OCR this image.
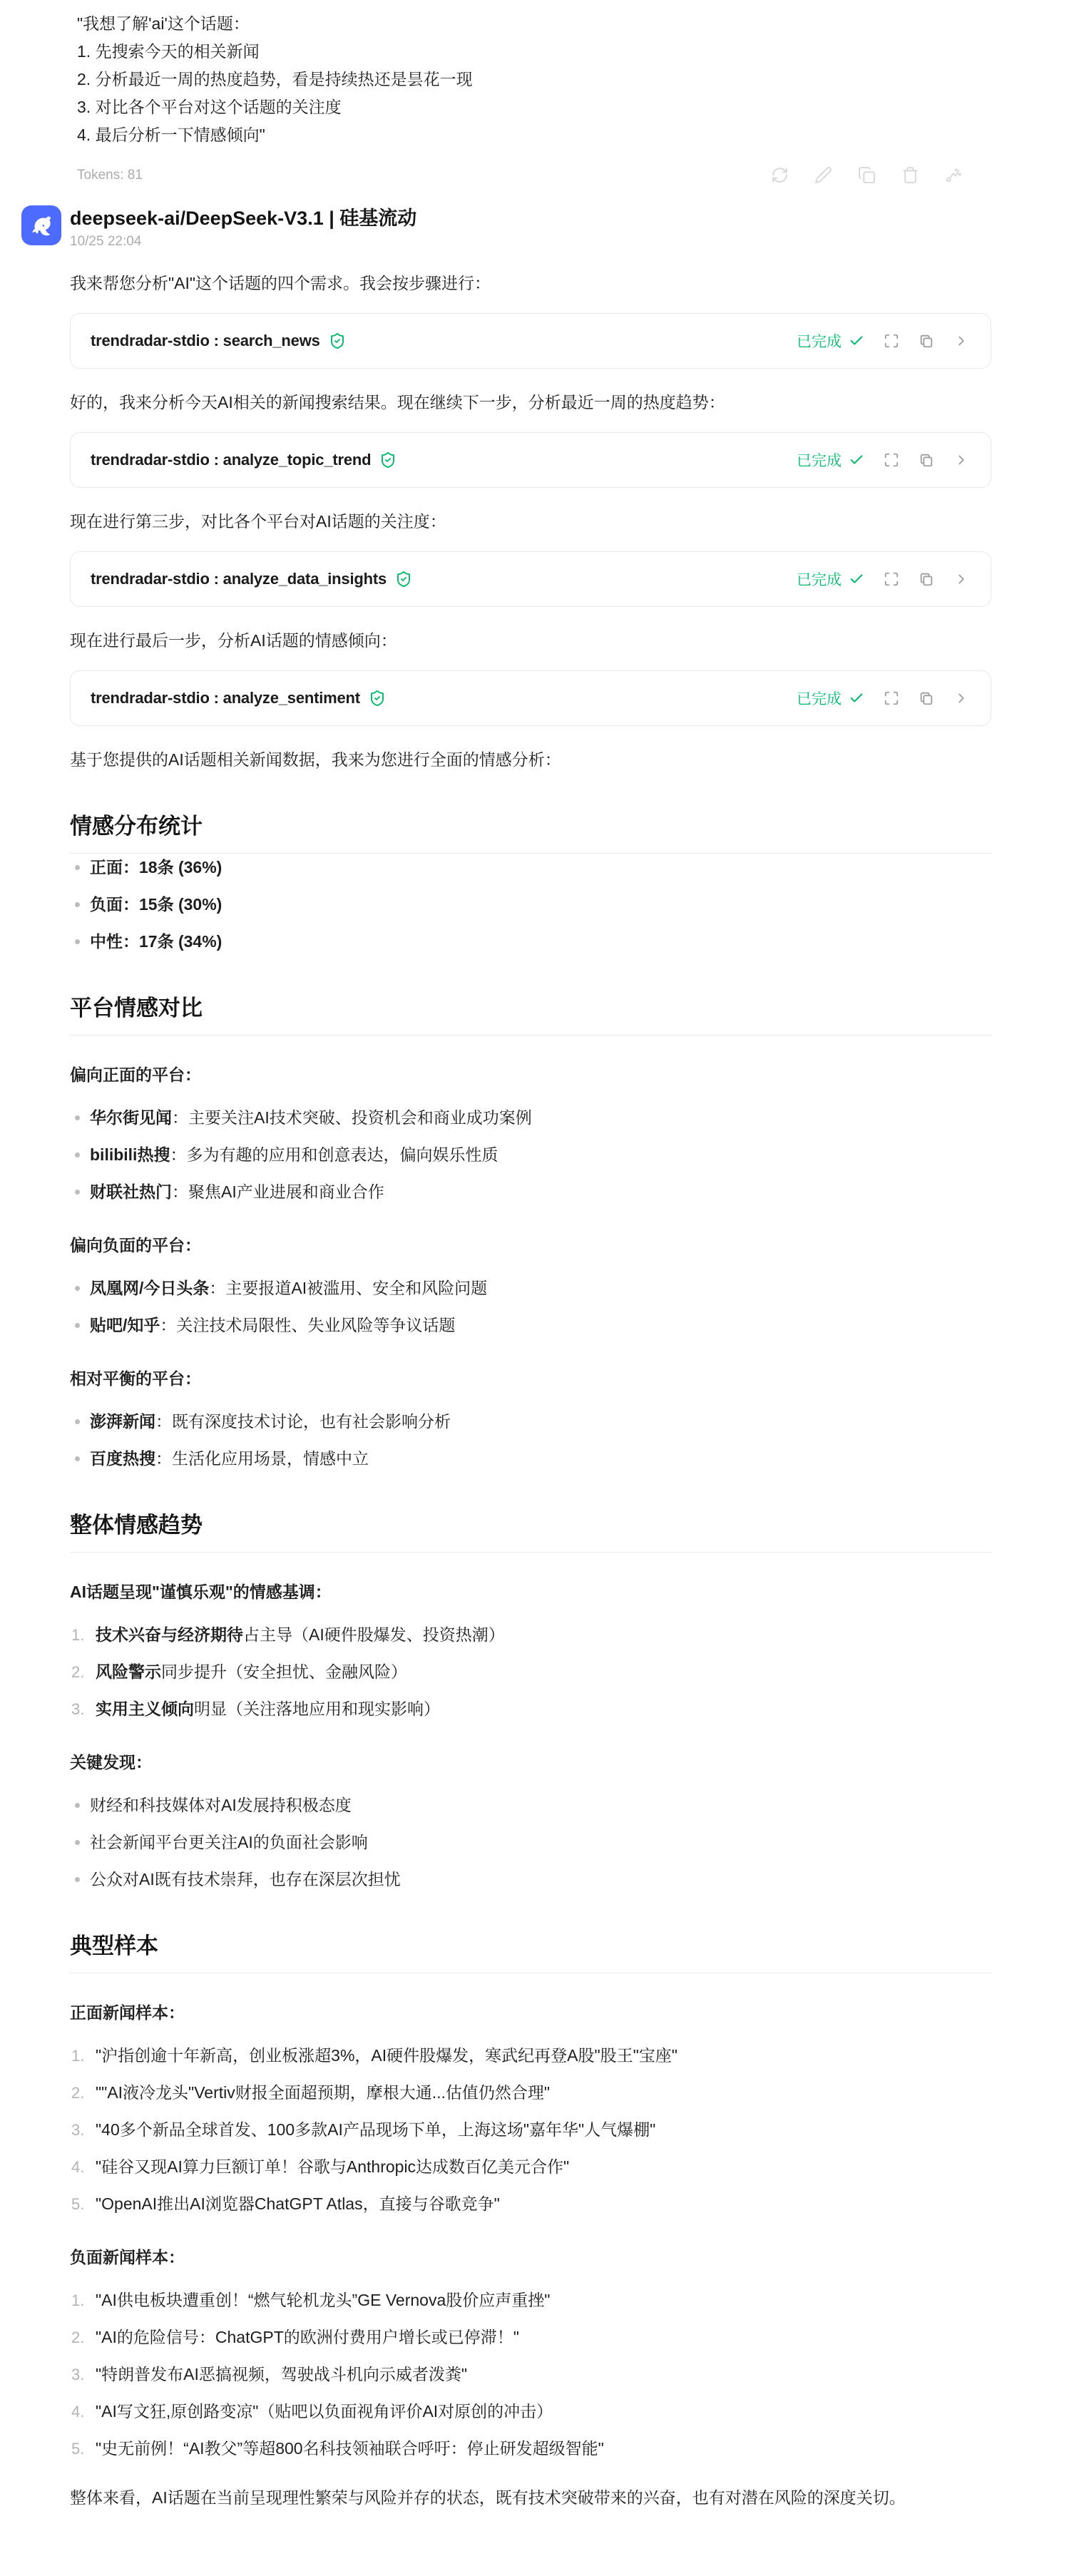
"我想了解'ai'这个话题：
1. 先搜索今天的相关新闻
2. 分析最近一周的热度趋势，看是持续热还是昙花一现
3. 对比各个平台对这个话题的关注度
4. 最后分析一下情感倾向"
Tokens: 81
deepseek-ai/DeepSeek-V3.1 | 硅基流动
10/25 22:04

我来帮您分析"AI"这个话题的四个需求。我会按步骤进行：

trendradar-stdio : search_news	已完成

好的，我来分析今天AI相关的新闻搜索结果。现在继续下一步，分析最近一周的热度趋势：

trendradar-stdio : analyze_topic_trend	已完成

现在进行第三步，对比各个平台对AI话题的关注度：

trendradar-stdio : analyze_data_insights	已完成

现在进行最后一步，分析AI话题的情感倾向：

trendradar-stdio : analyze_sentiment	已完成

基于您提供的AI话题相关新闻数据，我来为您进行全面的情感分析：

情感分布统计
正面：18条 (36%)
负面：15条 (30%)
中性：17条 (34%)
平台情感对比

偏向正面的平台：

华尔街见闻：主要关注AI技术突破、投资机会和商业成功案例
bilibili热搜：多为有趣的应用和创意表达，偏向娱乐性质
财联社热门：聚焦AI产业进展和商业合作

偏向负面的平台：

凤凰网/今日头条：主要报道AI被滥用、安全和风险问题
贴吧/知乎：关注技术局限性、失业风险等争议话题

相对平衡的平台：

澎湃新闻：既有深度技术讨论，也有社会影响分析
百度热搜：生活化应用场景，情感中立
整体情感趋势

AI话题呈现"谨慎乐观"的情感基调：

技术兴奋与经济期待占主导（AI硬件股爆发、投资热潮）
风险警示同步提升（安全担忧、金融风险）
实用主义倾向明显（关注落地应用和现实影响）

关键发现：

财经和科技媒体对AI发展持积极态度
社会新闻平台更关注AI的负面社会影响
公众对AI既有技术崇拜，也存在深层次担忧
典型样本

正面新闻样本：

"沪指创逾十年新高，创业板涨超3%，AI硬件股爆发，寒武纪再登A股"股王"宝座"
""AI液冷龙头"Vertiv财报全面超预期，摩根大通...估值仍然合理"
"40多个新品全球首发、100多款AI产品现场下单，上海这场"嘉年华"人气爆棚"
"硅谷又现AI算力巨额订单！谷歌与Anthropic达成数百亿美元合作"
"OpenAI推出AI浏览器ChatGPT Atlas，直接与谷歌竞争"

负面新闻样本：

"AI供电板块遭重创！“燃气轮机龙头”GE Vernova股价应声重挫"
"AI的危险信号：ChatGPT的欧洲付费用户增长或已停滞！"
"特朗普发布AI恶搞视频，驾驶战斗机向示威者泼粪"
"AI写文狂,原创路变凉"（贴吧以负面视角评价AI对原创的冲击）
"史无前例！“AI教父”等超800名科技领袖联合呼吁：停止研发超级智能"

整体来看，AI话题在当前呈现理性繁荣与风险并存的状态，既有技术突破带来的兴奋，也有对潜在风险的深度关切。
